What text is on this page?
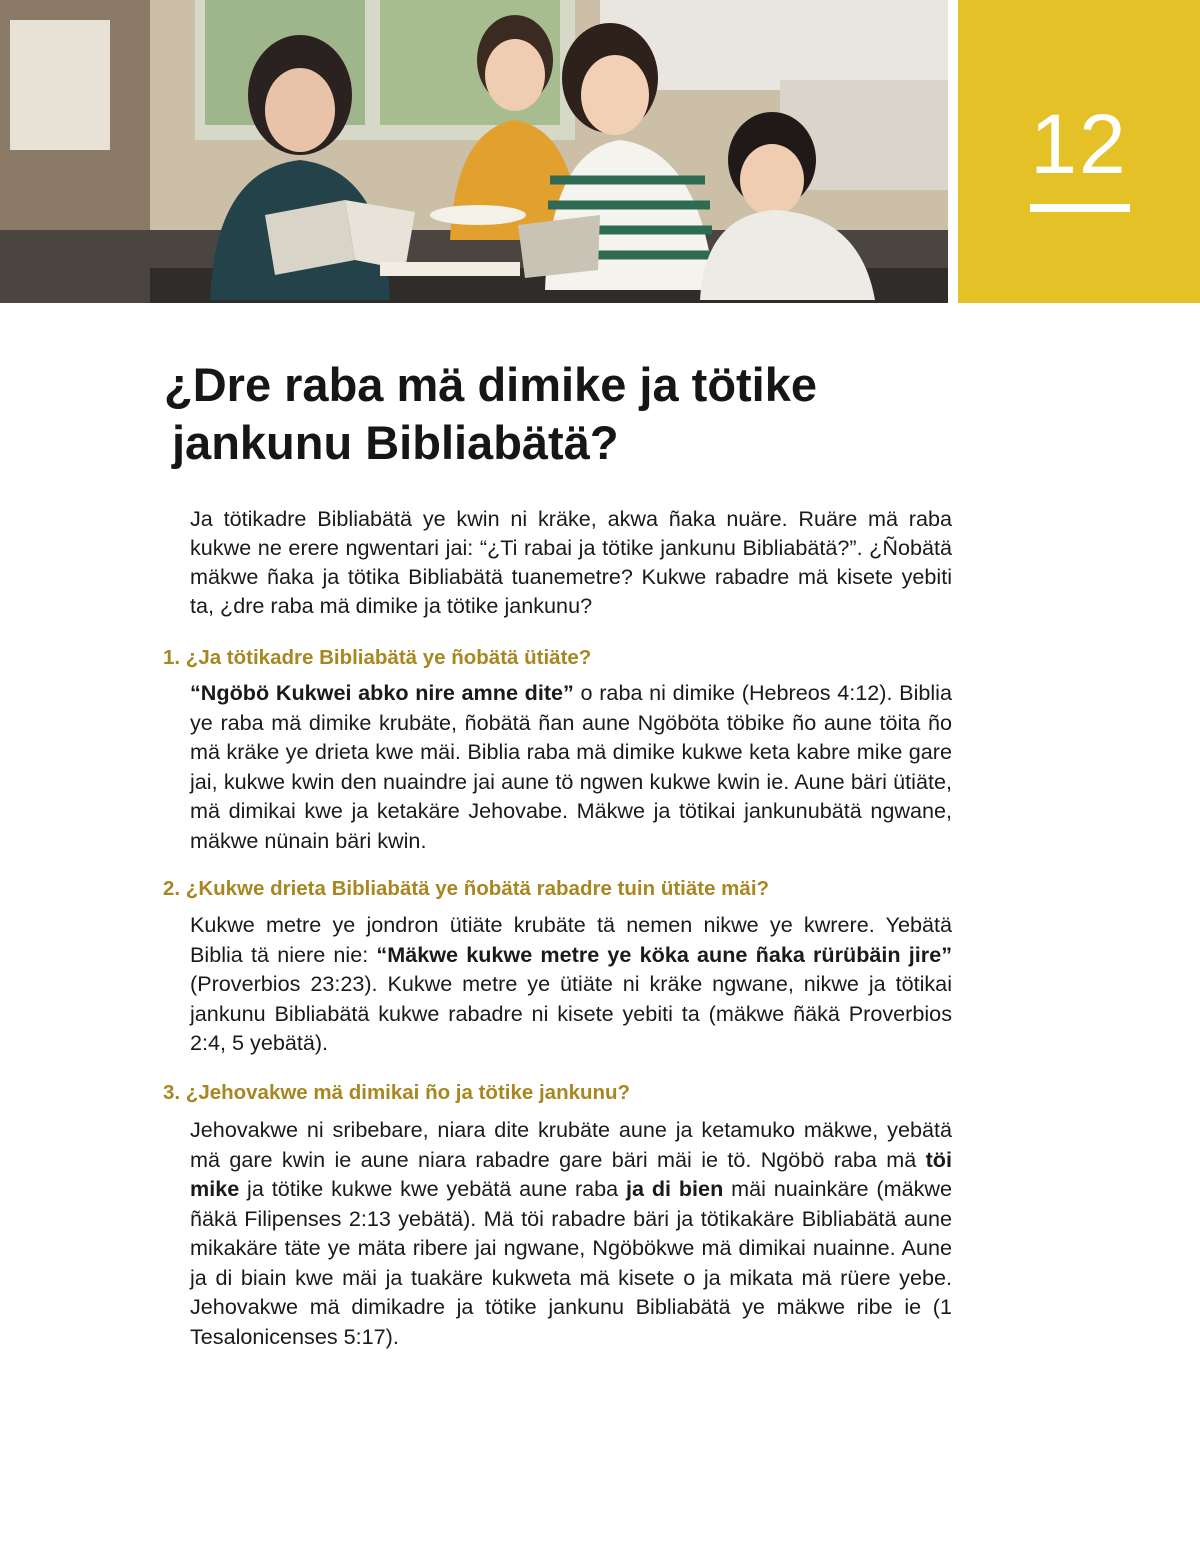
12
¿Dre raba mä dimike ja tötike
jankunu Bibliabätä?

Ja tötikadre Bibliabätä ye kwin ni kräke, akwa ñaka nuäre. Ruäre mä raba kukwe ne erere ngwentari jai: “¿Ti rabai ja tötike jankunu Bibliabätä?”. ¿Ñobätä mäkwe ñaka ja tötika Bibliabätä tuanemetre? Kukwe rabadre mä kisete yebiti ta, ¿dre raba mä dimike ja tötike jankunu?

1. ¿Ja tötikadre Bibliabätä ye ñobätä ütiäte?

“Ngöbö Kukwei abko nire amne dite” o raba ni dimike (Hebreos 4:12). Biblia ye raba mä dimike krubäte, ñobätä ñan aune Ngöböta töbike ño aune töita ño mä kräke ye drieta kwe mäi. Biblia raba mä dimike kukwe keta kabre mike gare jai, kukwe kwin den nuaindre jai aune tö ngwen kukwe kwin ie. Aune bäri ütiäte, mä dimikai kwe ja ketakäre Jehovabe. Mäkwe ja tötikai jankunubätä ngwane, mäkwe nünain bäri kwin.

2. ¿Kukwe drieta Bibliabätä ye ñobätä rabadre tuin ütiäte mäi?

Kukwe metre ye jondron ütiäte krubäte tä nemen nikwe ye kwrere. Yebätä Biblia tä niere nie: “Mäkwe kukwe metre ye köka aune ñaka rürübäin jire” (Proverbios 23:23). Kukwe metre ye ütiäte ni kräke ngwane, nikwe ja tötikai jankunu Bibliabätä kukwe rabadre ni kisete yebiti ta (mäkwe ñäkä Proverbios 2:4, 5 yebätä).

3. ¿Jehovakwe mä dimikai ño ja tötike jankunu?

Jehovakwe ni sribebare, niara dite krubäte aune ja ketamuko mäkwe, yebätä mä gare kwin ie aune niara rabadre gare bäri mäi ie tö. Ngöbö raba mä töi mike ja tötike kukwe kwe yebätä aune raba ja di bien mäi nuainkäre (mäkwe ñäkä Filipenses 2:13 yebätä). Mä töi rabadre bäri ja tötikakäre Bibliabätä aune mikakäre täte ye mäta ribere jai ngwane, Ngöbökwe mä dimikai nuainne. Aune ja di biain kwe mäi ja tuakäre kukweta mä kisete o ja mikata mä rüere yebe. Jehovakwe mä dimikadre ja tötike jankunu Bibliabätä ye mäkwe ribe ie (1 Tesalonicenses 5:17).
